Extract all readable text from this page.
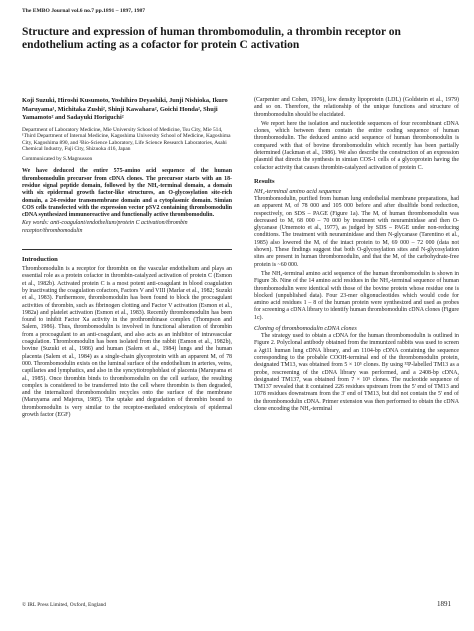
The EMBO Journal vol.6 no.7 pp.1891 – 1897, 1987
Structure and expression of human thrombomodulin, a thrombin receptor on endothelium acting as a cofactor for protein C activation

Koji Suzuki, Hiroshi Kusumoto, Yoshihiro Deyashiki, Junji Nishioka, Ikuro Maruyama¹, Michitaka Zushi², Shinji Kawahara², Goichi Honda², Shuji Yamamoto² and Sadayuki Horiguchi²

Department of Laboratory Medicine, Mie University School of Medicine, Tsu City, Mie 514, ¹Third Department of Internal Medicine, Kagoshima University School of Medicine, Kagoshima City, Kagoshima 890, and ²Bio-Science Laboratory, Life Science Research Laboratories, Asahi Chemical Industry, Fuji City, Shizuoka 416, Japan

Communicated by S.Magnusson

We have deduced the entire 575-amino acid sequence of the human thrombomodulin precursor from cDNA clones. The precursor starts with an 18-residue signal peptide domain, followed by the NH₂-terminal domain, a domain with six epidermal growth factor-like structures, an O-glycosylation site-rich domain, a 24-residue transmembrane domain and a cytoplasmic domain. Simian COS cells transfected with the expression vector pSV2 containing thrombomodulin cDNA synthesized immunoreactive and functionally active thrombomodulin.

Key words: anti-coagulant/endothelium/protein C activation/thrombin receptor/thrombomodulin

Introduction

Thrombomodulin is a receptor for thrombin on the vascular endothelium and plays an essential role as a protein cofactor in thrombin-catalyzed activation of protein C (Esmon et al., 1982b). Activated protein C is a most potent anti-coagulant in blood coagulation by inactivating the coagulation cofactors, Factors V and VIII (Marlar et al., 1982; Suzuki et al., 1983). Furthermore, thrombomodulin has been found to block the procoagulant activities of thrombin, such as fibrinogen clotting and Factor V activation (Esmon et al., 1982a) and platelet activation (Esmon et al., 1983). Recently thrombomodulin has been found to inhibit Factor Xa activity in the prothrombinase complex (Thompson and Salem, 1986). Thus, thrombomodulin is involved in functional alteration of thrombin from a procoagulant to an anti-coagulant, and also acts as an inhibitor of intravascular coagulation. Thrombomodulin has been isolated from the rabbit (Esmon et al., 1982b), bovine (Suzuki et al., 1986) and human (Salem et al., 1984) lungs and the human placenta (Salem et al., 1984) as a single-chain glycoprotein with an apparent Mᵣ of 78 000. Thrombomodulin exists on the luminal surface of the endothelium in arteries, veins, capillaries and lymphatics, and also in the syncytiotrophoblast of placenta (Maruyama et al., 1985). Once thrombin binds to thrombomodulin on the cell surface, the resulting complex is considered to be transferred into the cell where thrombin is then degraded, and the internalized thrombomodulin recycles onto the surface of the membrane (Maruyama and Majerus, 1985). The uptake and degradation of thrombin bound to thrombomodulin is very similar to the receptor-mediated endocytosis of epidermal growth factor (EGF)

(Carpenter and Cohen, 1976), low density lipoprotein (LDL) (Goldstein et al., 1979) and so on. Therefore, the relationship of the unique functions and structure of thrombomodulin should be elucidated.

We report here the isolation and nucleotide sequences of four recombinant cDNA clones, which between them contain the entire coding sequence of human thrombomodulin. The deduced amino acid sequence of human thrombomodulin is compared with that of bovine thrombomodulin which recently has been partially determined (Jackman et al., 1986). We also describe the construction of an expression plasmid that directs the synthesis in simian COS-1 cells of a glycoprotein having the cofactor activity that causes thrombin-catalyzed activation of protein C.

Results
NH₂-terminal amino acid sequence

Thrombomodulin, purified from human lung endothelial membrane preparations, had an apparent Mᵣ of 78 000 and 105 000 before and after disulfide bond reduction, respectively, on SDS – PAGE (Figure 1a). The Mᵣ of human thrombomodulin was decreased to Mᵣ 68 000 – 70 000 by treatment with neuraminidase and then O-glycanase (Umemoto et al., 1977), as judged by SDS – PAGE under non-reducing conditions. The treatment with neuraminidase and then N-glycanase (Tarentino et al., 1985) also lowered the Mᵣ of the intact protein to Mᵣ 69 000 – 72 000 (data not shown). These findings suggest that both O-glycosylation sites and N-glycosylation sites are present in human thrombomodulin, and that the Mᵣ of the carbohydrate-free protein is ~60 000.

The NH₂-terminal amino acid sequence of the human thrombomodulin is shown in Figure 3b. Nine of the 14 amino acid residues in the NH₂-terminal sequence of human thrombomodulin were identical with those of the bovine protein whose residue one is blocked (unpublished data). Four 23-mer oligonucleotides which would code for amino acid residues 1 – 8 of the human protein were synthesized and used as probes for screening a cDNA library to identify human thrombomodulin cDNA clones (Figure 1c).

Cloning of thrombomodulin cDNA clones

The strategy used to obtain a cDNA for the human thrombomodulin is outlined in Figure 2. Polyclonal antibody obtained from the immunized rabbits was used to screen a λgt11 human lung cDNA library, and an 1104-bp cDNA containing the sequence corresponding to the probable COOH-terminal end of the thrombomodulin protein, designated TM13, was obtained from 5 × 10⁵ clones. By using ³²P-labelled TM13 as a probe, rescreening of the cDNA library was performed, and a 2408-bp cDNA, designated TM137, was obtained from 7 × 10⁵ clones. The nucleotide sequence of TM137 revealed that it contained 226 residues upstream from the 5' end of TM13 and 1078 residues downstream from the 3' end of TM13, but did not contain the 5' end of the thrombomodulin cDNA. Primer extension was then performed to obtain the cDNA clone encoding the NH₂-terminal

© IRL Press Limited, Oxford, England	1891
